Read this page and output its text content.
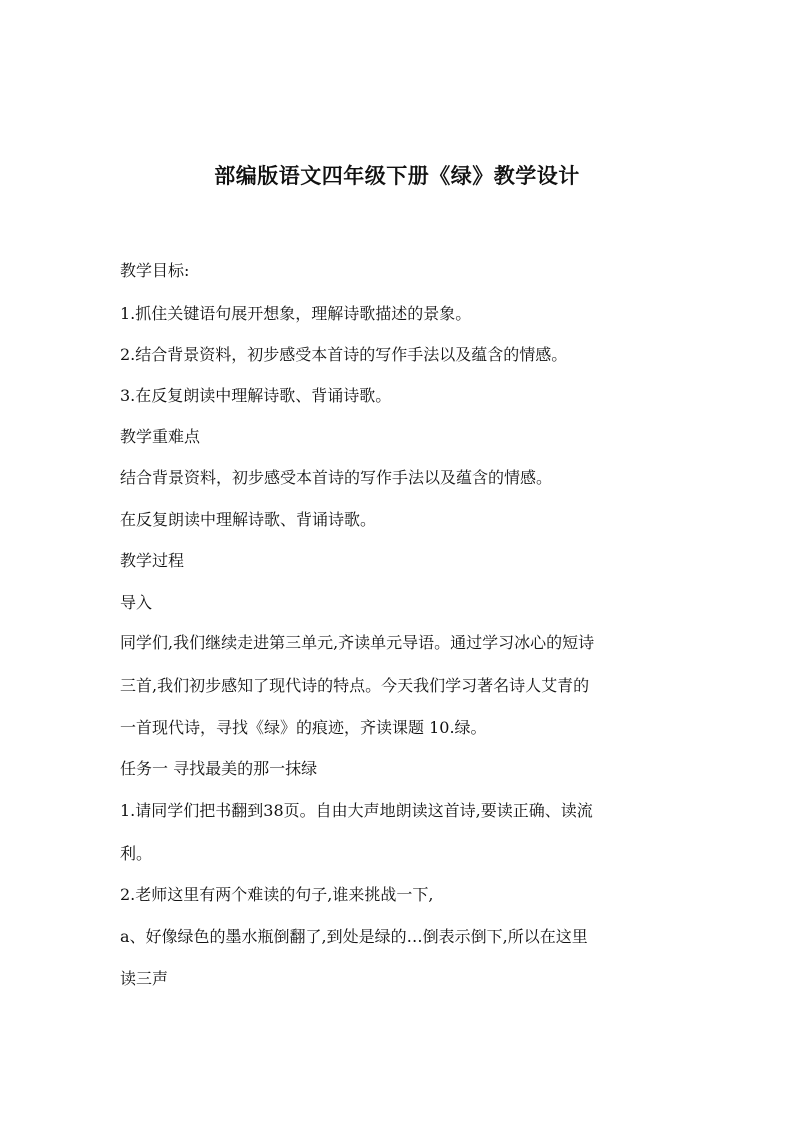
部编版语文四年级下册《绿》教学设计
教学目标:
1.抓住关键语句展开想象，理解诗歌描述的景象。
2.结合背景资料，初步感受本首诗的写作手法以及蕴含的情感。
3.在反复朗读中理解诗歌、背诵诗歌。
教学重难点
结合背景资料，初步感受本首诗的写作手法以及蕴含的情感。
在反复朗读中理解诗歌、背诵诗歌。
教学过程
导入
同学们,我们继续走进第三单元,齐读单元导语。通过学习冰心的短诗
三首,我们初步感知了现代诗的特点。今天我们学习著名诗人艾青的
一首现代诗，寻找《绿》的痕迹，齐读课题 10.绿。
任务一 寻找最美的那一抹绿
1.请同学们把书翻到38页。自由大声地朗读这首诗,要读正确、读流
利。
2.老师这里有两个难读的句子,谁来挑战一下,
a、好像绿色的墨水瓶倒翻了,到处是绿的…倒表示倒下,所以在这里
读三声
